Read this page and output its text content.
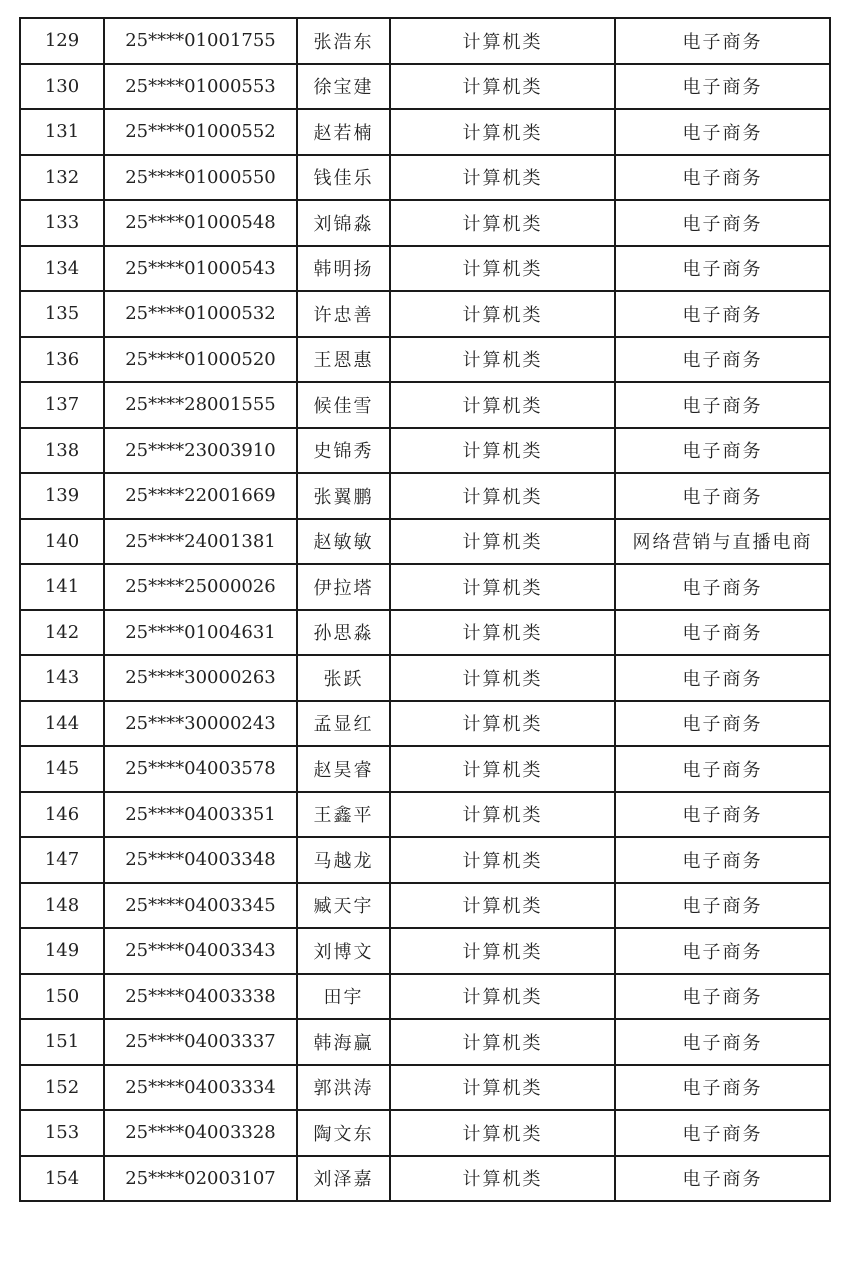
129	25****01001755	张浩东	计算机类	电子商务
130	25****01000553	徐宝建	计算机类	电子商务
131	25****01000552	赵若楠	计算机类	电子商务
132	25****01000550	钱佳乐	计算机类	电子商务
133	25****01000548	刘锦淼	计算机类	电子商务
134	25****01000543	韩明扬	计算机类	电子商务
135	25****01000532	许忠善	计算机类	电子商务
136	25****01000520	王恩惠	计算机类	电子商务
137	25****28001555	候佳雪	计算机类	电子商务
138	25****23003910	史锦秀	计算机类	电子商务
139	25****22001669	张翼鹏	计算机类	电子商务
140	25****24001381	赵敏敏	计算机类	网络营销与直播电商
141	25****25000026	伊拉塔	计算机类	电子商务
142	25****01004631	孙思淼	计算机类	电子商务
143	25****30000263	张跃	计算机类	电子商务
144	25****30000243	孟显红	计算机类	电子商务
145	25****04003578	赵昊睿	计算机类	电子商务
146	25****04003351	王鑫平	计算机类	电子商务
147	25****04003348	马越龙	计算机类	电子商务
148	25****04003345	臧天宇	计算机类	电子商务
149	25****04003343	刘博文	计算机类	电子商务
150	25****04003338	田宇	计算机类	电子商务
151	25****04003337	韩海赢	计算机类	电子商务
152	25****04003334	郭洪涛	计算机类	电子商务
153	25****04003328	陶文东	计算机类	电子商务
154	25****02003107	刘泽嘉	计算机类	电子商务
